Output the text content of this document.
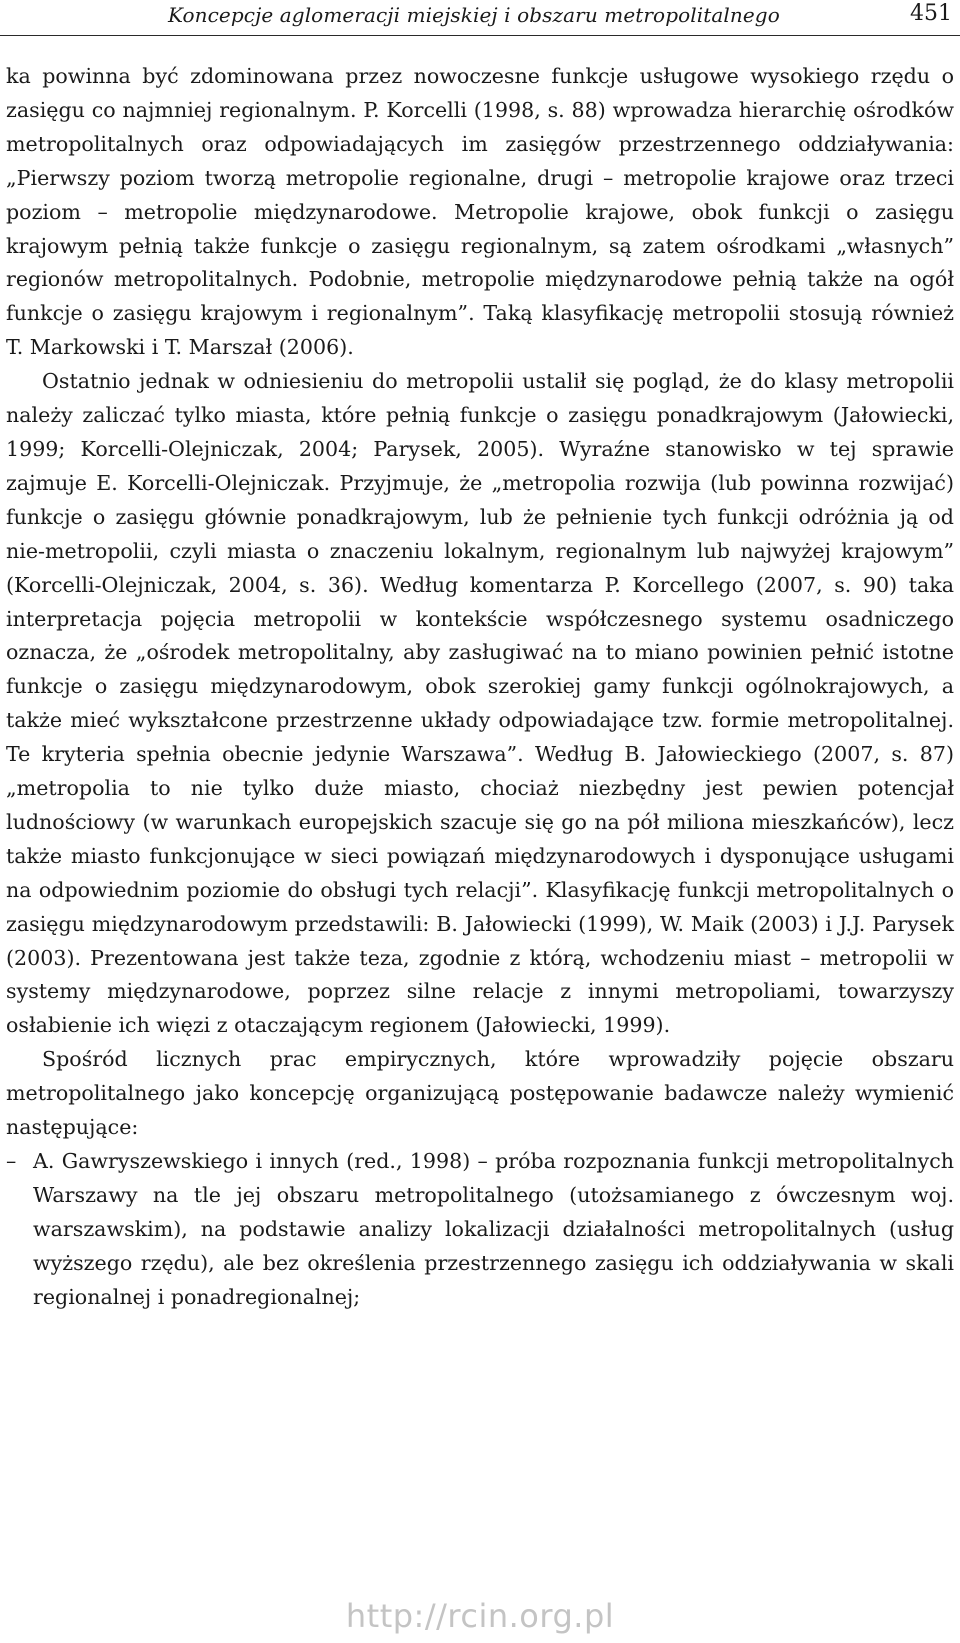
Koncepcje aglomeracji miejskiej i obszaru metropolitalnego	451

ka powinna być zdominowana przez nowoczesne funkcje usługowe wysokiego rzędu o zasięgu co najmniej regionalnym. P. Korcelli (1998, s. 88) wprowadza hierarchię ośrodków metropolitalnych oraz odpowiadających im zasięgów przestrzennego oddziaływania: „Pierwszy poziom tworzą metropolie regionalne, drugi – metropolie krajowe oraz trzeci poziom – metropolie międzynarodowe. Metropolie krajowe, obok funkcji o zasięgu krajowym pełnią także funkcje o zasięgu regionalnym, są zatem ośrodkami „własnych” regionów metropolitalnych. Podobnie, metropolie międzynarodowe pełnią także na ogół funkcje o zasięgu krajowym i regionalnym”. Taką klasyfikację metropolii stosują również T. Markowski i T. Marszał (2006).

Ostatnio jednak w odniesieniu do metropolii ustalił się pogląd, że do klasy metropolii należy zaliczać tylko miasta, które pełnią funkcje o zasięgu ponadkrajowym (Jałowiecki, 1999; Korcelli-Olejniczak, 2004; Parysek, 2005). Wyraźne stanowisko w tej sprawie zajmuje E. Korcelli-Olejniczak. Przyjmuje, że „metropolia rozwija (lub powinna rozwijać) funkcje o zasięgu głównie ponadkrajowym, lub że pełnienie tych funkcji odróżnia ją od nie-metropolii, czyli miasta o znaczeniu lokalnym, regionalnym lub najwyżej krajowym” (Korcelli-Olejniczak, 2004, s. 36). Według komentarza P. Korcellego (2007, s. 90) taka interpretacja pojęcia metropolii w kontekście współczesnego systemu osadniczego oznacza, że „ośrodek metropolitalny, aby zasługiwać na to miano powinien pełnić istotne funkcje o zasięgu międzynarodowym, obok szerokiej gamy funkcji ogólnokrajowych, a także mieć wykształcone przestrzenne układy odpowiadające tzw. formie metropolitalnej. Te kryteria spełnia obecnie jedynie Warszawa”. Według B. Jałowieckiego (2007, s. 87) „metropolia to nie tylko duże miasto, chociaż niezbędny jest pewien potencjał ludnościowy (w warunkach europejskich szacuje się go na pół miliona mieszkańców), lecz także miasto funkcjonujące w sieci powiązań międzynarodowych i dysponujące usługami na odpowiednim poziomie do obsługi tych relacji”. Klasyfikację funkcji metropolitalnych o zasięgu międzynarodowym przedstawili: B. Jałowiecki (1999), W. Maik (2003) i J.J. Parysek (2003). Prezentowana jest także teza, zgodnie z którą, wchodzeniu miast – metropolii w systemy międzynarodowe, poprzez silne relacje z innymi metropoliami, towarzyszy osłabienie ich więzi z otaczającym regionem (Jałowiecki, 1999).

Spośród licznych prac empirycznych, które wprowadziły pojęcie obszaru metropolitalnego jako koncepcję organizującą postępowanie badawcze należy wymienić następujące:

– A. Gawryszewskiego i innych (red., 1998) – próba rozpoznania funkcji metropolitalnych Warszawy na tle jej obszaru metropolitalnego (utożsamianego z ówczesnym woj. warszawskim), na podstawie analizy lokalizacji działalności metropolitalnych (usług wyższego rzędu), ale bez określenia przestrzennego zasięgu ich oddziaływania w skali regionalnej i ponadregionalnej;
http://rcin.org.pl
